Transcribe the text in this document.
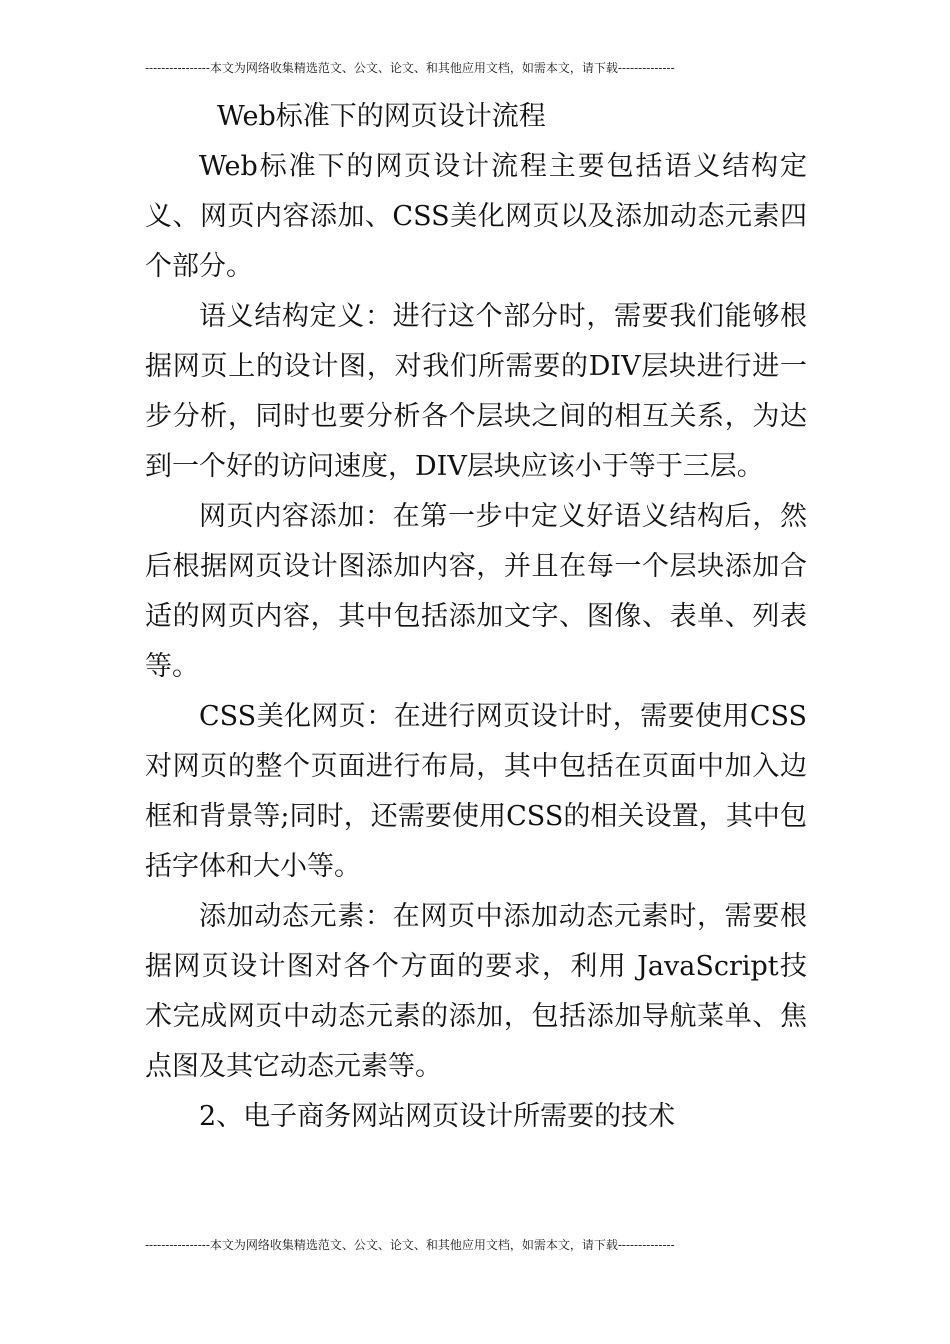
----------------本文为网络收集精选范文、公文、论文、和其他应用文档，如需本文，请下载--------------

Web标准下的网页设计流程

Web标准下的网页设计流程主要包括语义结构定义、网页内容添加、CSS美化网页以及添加动态元素四个部分。

语义结构定义：进行这个部分时，需要我们能够根据网页上的设计图，对我们所需要的DIV层块进行进一步分析，同时也要分析各个层块之间的相互关系，为达到一个好的访问速度，DIV层块应该小于等于三层。

网页内容添加：在第一步中定义好语义结构后，然后根据网页设计图添加内容，并且在每一个层块添加合适的网页内容，其中包括添加文字、图像、表单、列表等。

CSS美化网页：在进行网页设计时，需要使用CSS对网页的整个页面进行布局，其中包括在页面中加入边框和背景等;同时，还需要使用CSS的相关设置，其中包括字体和大小等。

添加动态元素：在网页中添加动态元素时，需要根据网页设计图对各个方面的要求，利用 JavaScript技术完成网页中动态元素的添加，包括添加导航菜单、焦点图及其它动态元素等。

2、电子商务网站网页设计所需要的技术

----------------本文为网络收集精选范文、公文、论文、和其他应用文档，如需本文，请下载--------------
